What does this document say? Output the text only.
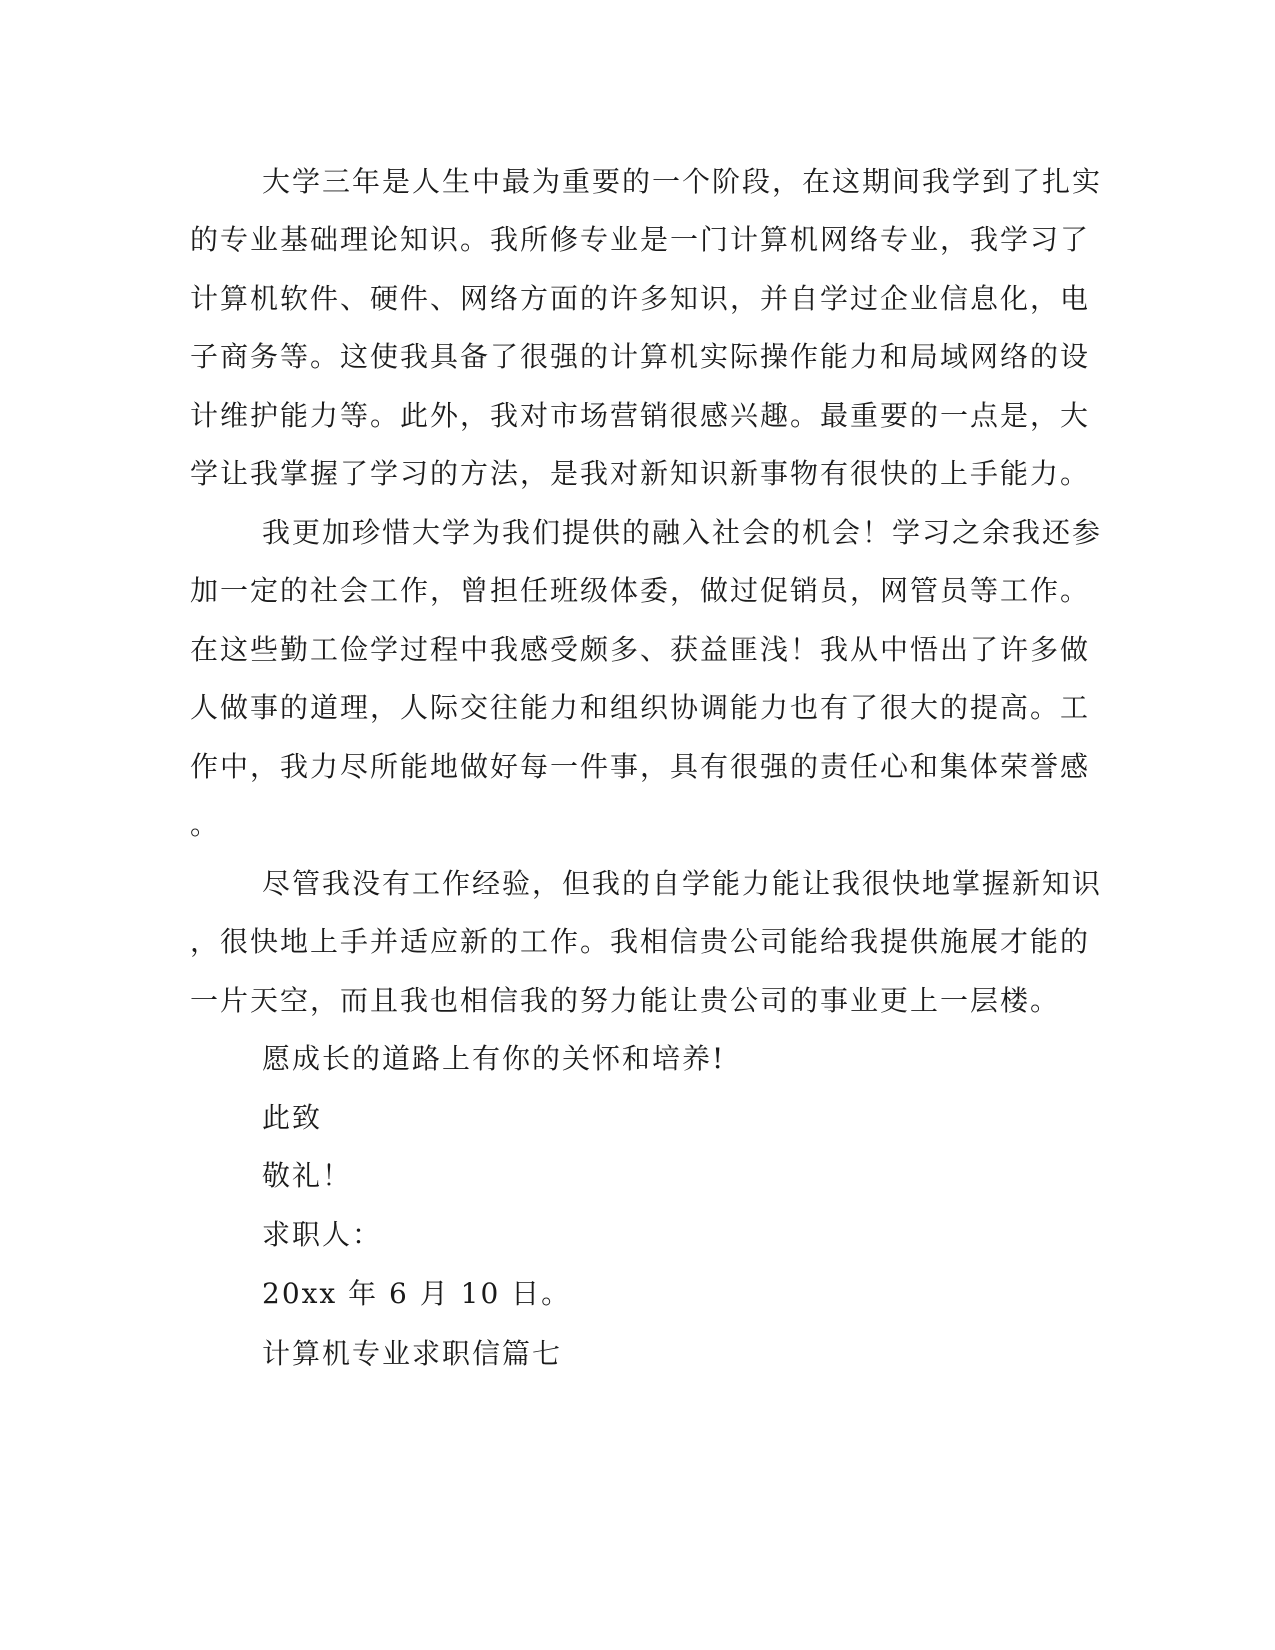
大学三年是人生中最为重要的一个阶段，在这期间我学到了扎实
的专业基础理论知识。我所修专业是一门计算机网络专业，我学习了
计算机软件、硬件、网络方面的许多知识，并自学过企业信息化，电
子商务等。这使我具备了很强的计算机实际操作能力和局域网络的设
计维护能力等。此外，我对市场营销很感兴趣。最重要的一点是，大
学让我掌握了学习的方法，是我对新知识新事物有很快的上手能力。
我更加珍惜大学为我们提供的融入社会的机会！学习之余我还参
加一定的社会工作，曾担任班级体委，做过促销员，网管员等工作。
在这些勤工俭学过程中我感受颇多、获益匪浅！我从中悟出了许多做
人做事的道理，人际交往能力和组织协调能力也有了很大的提高。工
作中，我力尽所能地做好每一件事，具有很强的责任心和集体荣誉感
。
尽管我没有工作经验，但我的自学能力能让我很快地掌握新知识
，很快地上手并适应新的工作。我相信贵公司能给我提供施展才能的
一片天空，而且我也相信我的努力能让贵公司的事业更上一层楼。
愿成长的道路上有你的关怀和培养!
此致
敬礼！
求职人：
20xx 年 6 月 10 日。
计算机专业求职信篇七
